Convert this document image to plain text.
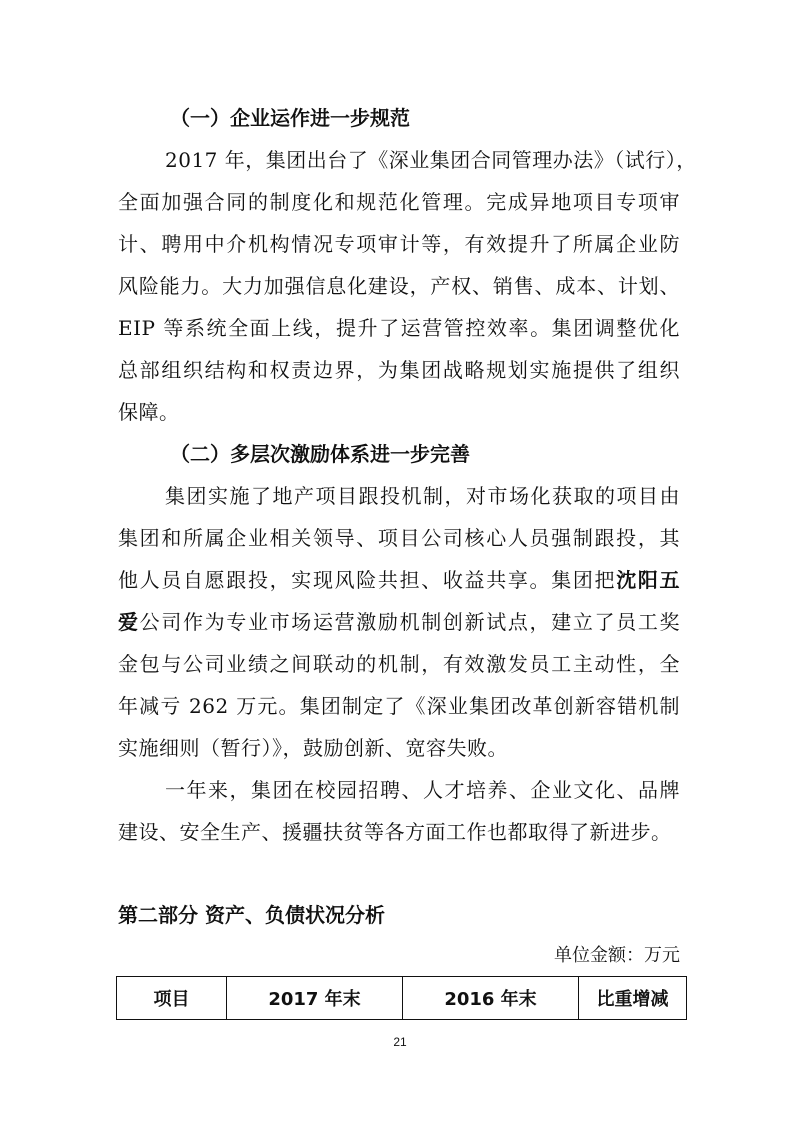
（一）企业运作进一步规范
2017 年，集团出台了《深业集团合同管理办法》（试行），
全面加强合同的制度化和规范化管理。完成异地项目专项审
计、聘用中介机构情况专项审计等，有效提升了所属企业防
风险能力。大力加强信息化建设，产权、销售、成本、计划、
EIP 等系统全面上线，提升了运营管控效率。集团调整优化
总部组织结构和权责边界，为集团战略规划实施提供了组织
保障。
（二）多层次激励体系进一步完善
集团实施了地产项目跟投机制，对市场化获取的项目由
集团和所属企业相关领导、项目公司核心人员强制跟投，其
他人员自愿跟投，实现风险共担、收益共享。集团把沈阳五
爱公司作为专业市场运营激励机制创新试点，建立了员工奖
金包与公司业绩之间联动的机制，有效激发员工主动性，全
年减亏 262 万元。集团制定了《深业集团改革创新容错机制
实施细则（暂行）》，鼓励创新、宽容失败。
一年来，集团在校园招聘、人才培养、企业文化、品牌
建设、安全生产、援疆扶贫等各方面工作也都取得了新进步。
第二部分 资产、负债状况分析
单位金额：万元
项目	2017 年末	2016 年末	比重增减
21
